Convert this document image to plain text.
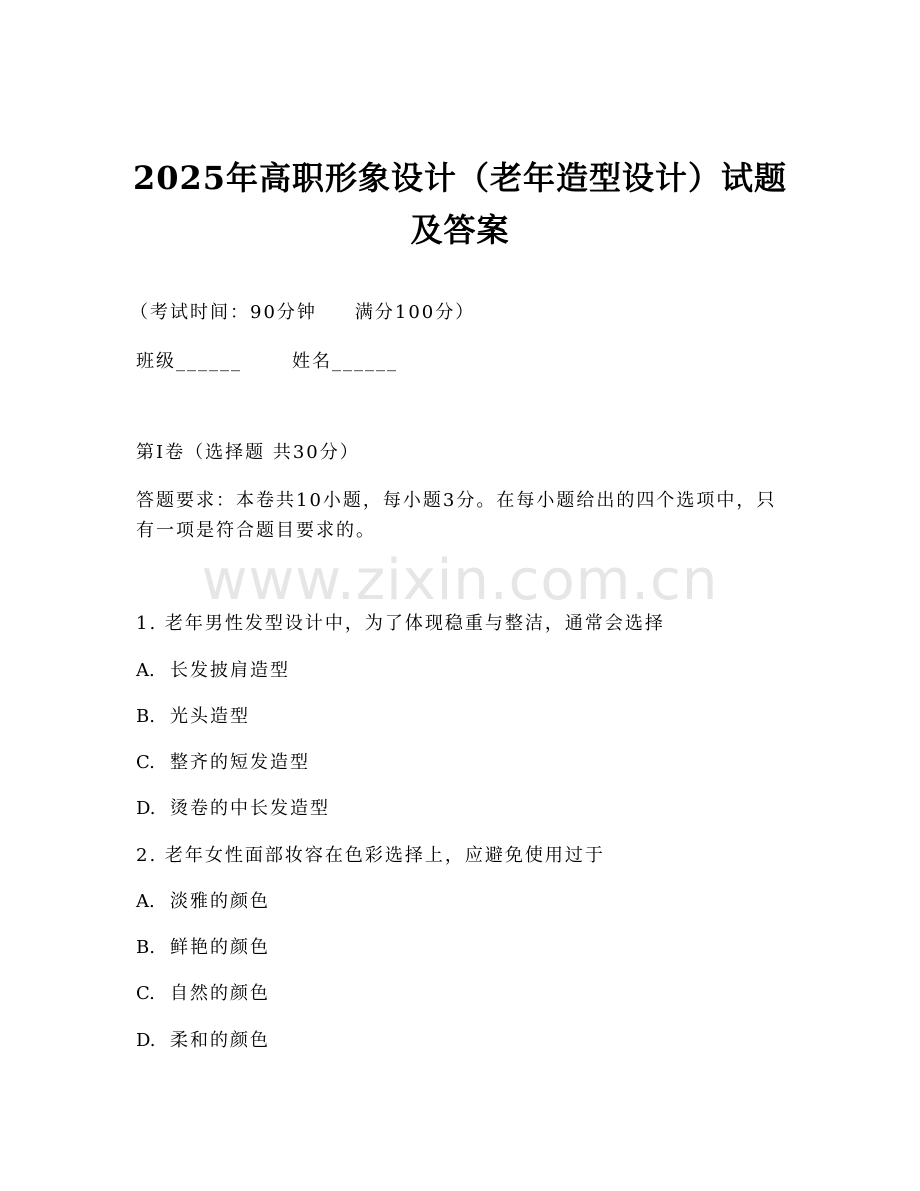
2025年高职形象设计（老年造型设计）试题
及答案
（考试时间：90分钟 满分100分）
班级______	姓名______
第Ⅰ卷（选择题 共30分）
答题要求：本卷共10小题，每小题3分。在每小题给出的四个选项中，只有一项是符合题目要求的。
www.zixin.com.cn
1. 老年男性发型设计中，为了体现稳重与整洁，通常会选择
A. 长发披肩造型
B. 光头造型
C. 整齐的短发造型
D. 烫卷的中长发造型
2. 老年女性面部妆容在色彩选择上，应避免使用过于
A. 淡雅的颜色
B. 鲜艳的颜色
C. 自然的颜色
D. 柔和的颜色
